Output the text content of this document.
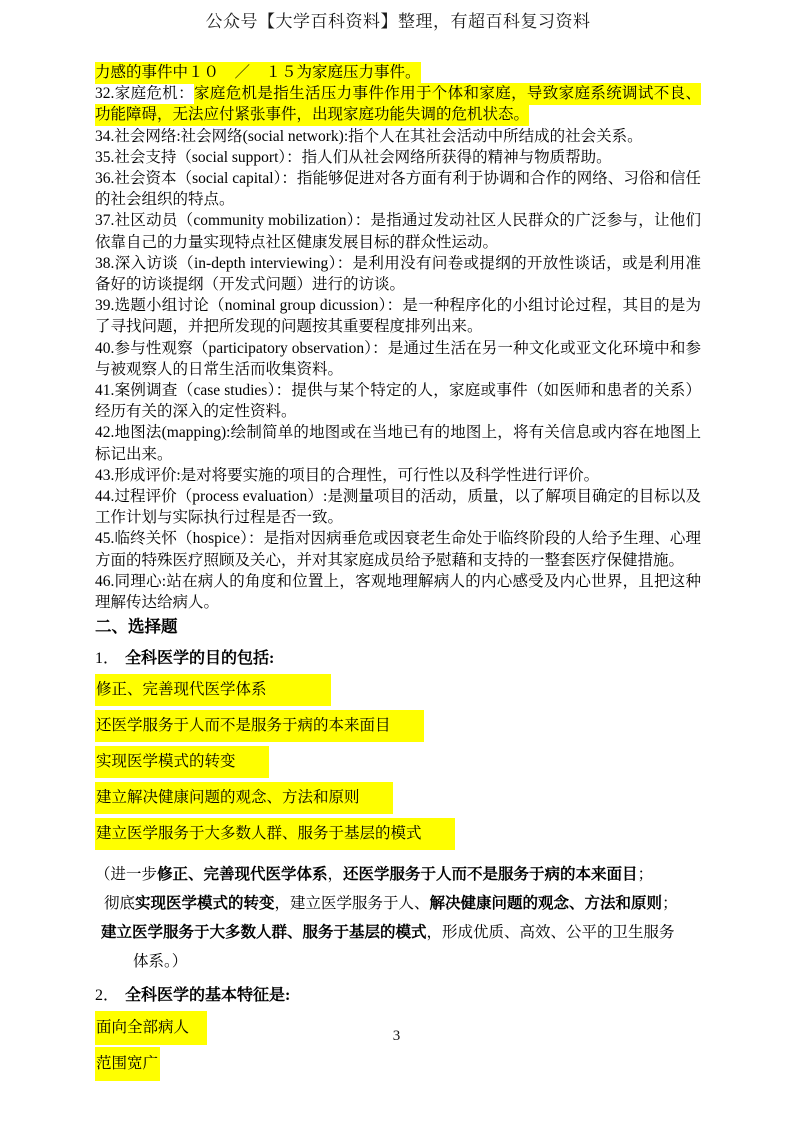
公众号【大学百科资料】整理，有超百科复习资料

力感的事件中１０　／　１５为家庭压力事件。

32.家庭危机：家庭危机是指生活压力事件作用于个体和家庭，导致家庭系统调试不良、功能障碍，无法应付紧张事件，出现家庭功能失调的危机状态。

34.社会网络:社会网络(social network):指个人在其社会活动中所结成的社会关系。

35.社会支持（social support）：指人们从社会网络所获得的精神与物质帮助。

36.社会资本（social capital）：指能够促进对各方面有利于协调和合作的网络、习俗和信任的社会组织的特点。

37.社区动员（community mobilization）：是指通过发动社区人民群众的广泛参与，让他们依靠自己的力量实现特点社区健康发展目标的群众性运动。

38.深入访谈（in-depth interviewing）：是利用没有问卷或提纲的开放性谈话，或是利用准备好的访谈提纲（开发式问题）进行的访谈。

39.选题小组讨论（nominal group dicussion）：是一种程序化的小组讨论过程，其目的是为了寻找问题，并把所发现的问题按其重要程度排列出来。

40.参与性观察（participatory observation）：是通过生活在另一种文化或亚文化环境中和参与被观察人的日常生活而收集资料。

41.案例调查（case studies）：提供与某个特定的人，家庭或事件（如医师和患者的关系）经历有关的深入的定性资料。

42.地图法(mapping):绘制简单的地图或在当地已有的地图上，将有关信息或内容在地图上标记出来。

43.形成评价:是对将要实施的项目的合理性，可行性以及科学性进行评价。

44.过程评价（process evaluation）:是测量项目的活动，质量，以了解项目确定的目标以及工作计划与实际执行过程是否一致。

45.临终关怀（hospice）：是指对因病垂危或因衰老生命处于临终阶段的人给予生理、心理方面的特殊医疗照顾及关心，并对其家庭成员给予慰藉和支持的一整套医疗保健措施。

46.同理心:站在病人的角度和位置上，客观地理解病人的内心感受及内心世界，且把这种理解传达给病人。

二、选择题
1． 全科医学的目的包括:
修正、完善现代医学体系　　　　
还医学服务于人而不是服务于病的本来面目　　
实现医学模式的转变　　
建立解决健康问题的观念、方法和原则　　
建立医学服务于大多数人群、服务于基层的模式　　
（进一步修正、完善现代医学体系，还医学服务于人而不是服务于病的本来面目；
彻底实现医学模式的转变，建立医学服务于人、解决健康问题的观念、方法和原则；
建立医学服务于大多数人群、服务于基层的模式，形成优质、高效、公平的卫生服务
体系。）
2． 全科医学的基本特征是:
面向全部病人　
范围宽广
3
